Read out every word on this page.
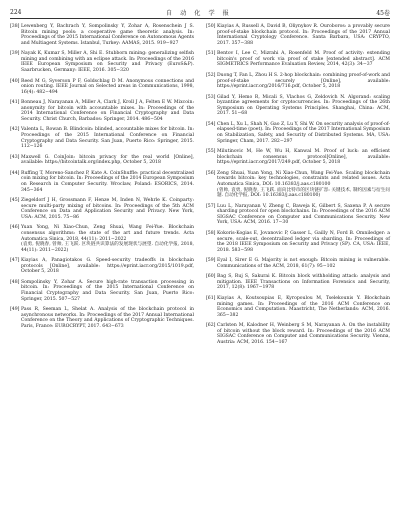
224	自 动 化 学 报	45卷
[38] Lewenberg Y, Bachrach Y, Sompolinsky Y, Zohar A, Rosenschein J S. Bitcoin mining pools: a cooperative game theoretic analysis. In: Proceedings of the 2015 International Conference on Autonomous Agents and Multiagent Systems. Istanbul, Turkey: AAMAS, 2015. 919−927
[39] Nayak K, Kumar S, Miller A, Shi E. Stubborn mining: generalizing selfish mining and combining with an eclipse attack. In: Proceedings of the 2016 IEEE European Symposium on Security and Privacy (EuroS&P). Saarbrucken, Germany: IEEE, 2016. 305−320
[40] Reed M G, Syverson P F, Goldschlag D M. Anonymous connections and onion routing. IEEE Journal on Selected areas in Communications, 1998, 16(4): 482−494
[41] Bonneau J, Narayanan A, Miller A, Clark J, Kroll J A, Felten E W. Mixcoin: anonymity for bitcoin with accountable mixes. In: Proceedings of the 2014 International Conference on Financial Cryptography and Data Security. Christ Church, Barbados: Springer, 2014. 486−504
[42] Valenta L, Rowan B. Blindcoin: blinded, accountable mixes for bitcoin. In: Proceedings of the 2015 International Conference on Financial Cryptography and Data Security. San Juan, Puerto Rico: Springer, 2015. 112−126
[43] Maxwell G. CoinJoin: bitcoin privacy for the real world [Online], available: https://bitcointalk.org/index.php, October 5, 2018
[44] Ruffing T, Moreno-Sanchez P, Kate A. CoinShuffle: practical decentralized coin mixing for bitcoin. In: Proceedings of the 2014 European Symposium on Research in Computer Security. Wroclaw, Poland: ESORICS, 2014. 345−364
[45] Ziegeldorf J H, Grossmann F, Henze M, Inden N, Wehrle K. Coinparty: secure multi-party mixing of bitcoins. In: Proceedings of the 5th ACM Conference on Data and Application Security and Privacy. New York, USA: ACM, 2015. 75−86
[46] Yuan Yong, Ni Xiao-Chun, Zeng Shuai, Wang Fei-Yue. Blockchain consensus algorithms: the state of the art and future trends. Acta Automatica Sinica, 2018, 44(11): 2011−2022
(袁勇, 倪晓春, 曾帅, 王飞跃. 区块链共识算法的发展现状与展望. 自动化学报, 2018, 44(11): 2011−2022)
[47] Kiayias A, Panagiotakos G. Speed-security tradeoffs in blockchain protocols [Online], available: https://eprint.iacr.org/2015/1019.pdf, October 5, 2018
[48] Sompolinsky Y, Zohar A. Secure high-rate transaction processing in bitcoin. In: Proceedings of the 2015 International Conference on Financial Cryptography and Data Security. San Juan, Puerto Rico: Springer, 2015. 507−527
[49] Pass R, Seeman L, Shelat A. Analysis of the blockchain protocol in asynchronous networks. In: Proceedings of the 2017 Annual International Conference on the Theory and Applications of Cryptographic Techniques. Paris, France: EUROCRYPT, 2017. 643−673
[50] Kiayias A, Russell A, David B, Oliynykov R. Ouroboros: a provably secure proof-of-stake blockchain protocol. In: Proceedings of the 2017 Annual International Cryptology Conference. Santa Barbara, USA: CRYPTO, 2017. 357−388
[51] Bentov I, Lee C, Mizrahi A, Rosenfeld M. Proof of activity: extending bitcoin's proof of work via proof of stake [extended abstract]. ACM SIGMETRICS Performance Evaluation Review, 2014, 42(3): 34−37
[52] Duong T, Fan L, Zhou H S. 2-hop blockchain: combining proof-of-work and proof-of-stake securely [Online], available: https://eprint.iacr.org/2016/716.pdf, October 5, 2018
[53] Gilad Y, Hemo R, Micali S, Vlachos G, Zeldovich N. Algorand: scaling byzantine agreements for cryptocurrencies. In: Proceedings of the 26th Symposium on Operating Systems Principles. Shanghai, China: ACM, 2017. 51−68
[54] Chen L, Xu L, Shah N, Gao Z, Lu Y, Shi W. On security analysis of proof-of-elapsed-time (poet). In: Proceedings of the 2017 International Symposium on Stabilization, Safety, and Security of Distributed Systems. MA, USA: Springer, Cham, 2017. 282−297
[55] Milutinovic M, He W, Wu H, Kanwal M. Proof of luck: an efficient blockchain consensus protocol[Online], available: https://eprint.iacr.org/2017/249.pdf, October 5, 2018
[56] Zeng Shuai, Yuan Yong, Ni Xiao-Chun, Wang Fei-Yue. Scaling blockchain towards bitcoin: key technologies, constraints and related issues. Acta Automatica Sinica, DOI: 10.16383/j.aas.c180100
(曾帅, 袁勇, 倪晓春, 王飞跃. 面向比特币的区块链扩容: 关键技术, 制约因素与衍生问题. 自动化学报, DOI: 10.16383/j.aas.c180100)
[57] Luu L, Narayanan V, Zheng C, Baweja K, Gilbert S, Saxena P. A secure sharding protocol for open blockchains. In: Proceedings of the 2016 ACM SIGSAC Conference on Computer and Communications Security. New York, USA: ACM, 2016. 17−30
[58] Kokoris-Kogias E, Jovanovic P, Gasser L, Gailly N, Ford B. Omniledger: a secure, scale-out, decentralized ledger via sharding. In: Proceedings of the 2018 IEEE Symposium on Security and Privacy (SP). CA, USA: IEEE, 2018. 583−598
[59] Eyal I, Sirer E G. Majority is not enough: Bitcoin mining is vulnerable. Communications of the ACM, 2018, 61(7): 95−102
[60] Bag S, Ruj S, Sakurai K. Bitcoin block withholding attack: analysis and mitigation. IEEE Transactions on Information Forensics and Security, 2017, 12(8): 1967−1978
[61] Kiayias A, Koutsoupias E, Kyropoulou M, Tselekounis Y. Blockchain mining games. In: Proceedings of the 2016 ACM Conference on Economics and Computation. Maastricht, The Netherlands: ACM, 2016. 365−382
[62] Carlsten M, Kalodner H, Weinberg S M, Narayanan A. On the instability of bitcoin without the block reward. In: Proceedings of the 2016 ACM SIGSAC Conference on Computer and Communications Security. Vienna, Austria: ACM, 2016. 154−167
